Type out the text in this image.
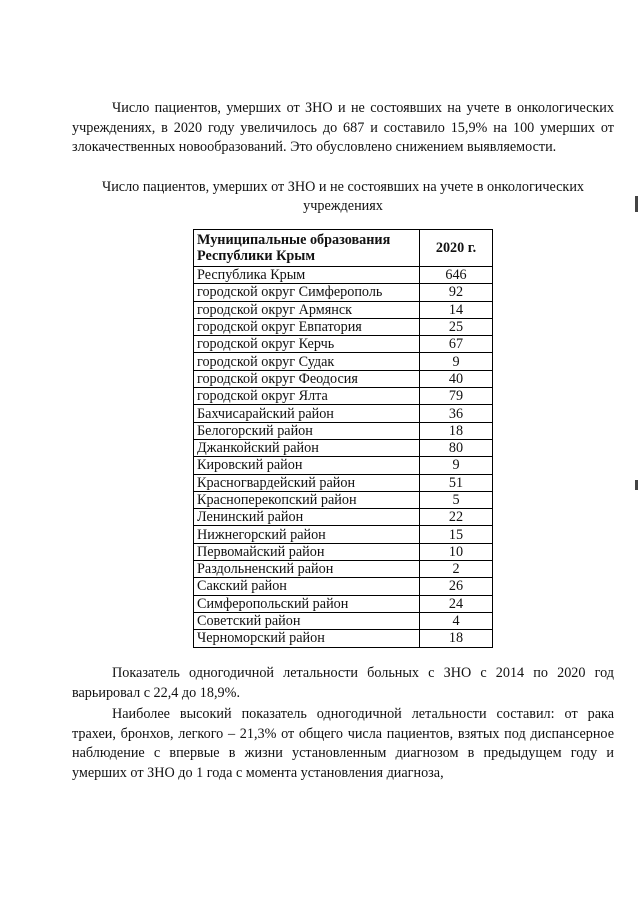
Число пациентов, умерших от ЗНО и не состоявших на учете в онкологических учреждениях, в 2020 году увеличилось до 687 и составило 15,9% на 100 умерших от злокачественных новообразований. Это обусловлено снижением выявляемости.

Число пациентов, умерших от ЗНО и не состоявших на учете в онкологических учреждениях

Муниципальные образования Республики Крым	2020 г.
Республика Крым	646
городской округ Симферополь	92
городской округ Армянск	14
городской округ Евпатория	25
городской округ Керчь	67
городской округ Судак	9
городской округ Феодосия	40
городской округ Ялта	79
Бахчисарайский район	36
Белогорский район	18
Джанкойский район	80
Кировский район	9
Красногвардейский район	51
Красноперекопский район	5
Ленинский район	22
Нижнегорский район	15
Первомайский район	10
Раздольненский район	2
Сакский район	26
Симферопольский район	24
Советский район	4
Черноморский район	18

Показатель одногодичной летальности больных с ЗНО с 2014 по 2020 год варьировал с 22,4 до 18,9%.

Наиболее высокий показатель одногодичной летальности составил: от рака трахеи, бронхов, легкого – 21,3% от общего числа пациентов, взятых под диспансерное наблюдение с впервые в жизни установленным диагнозом в предыдущем году и умерших от ЗНО до 1 года с момента установления диагноза,
